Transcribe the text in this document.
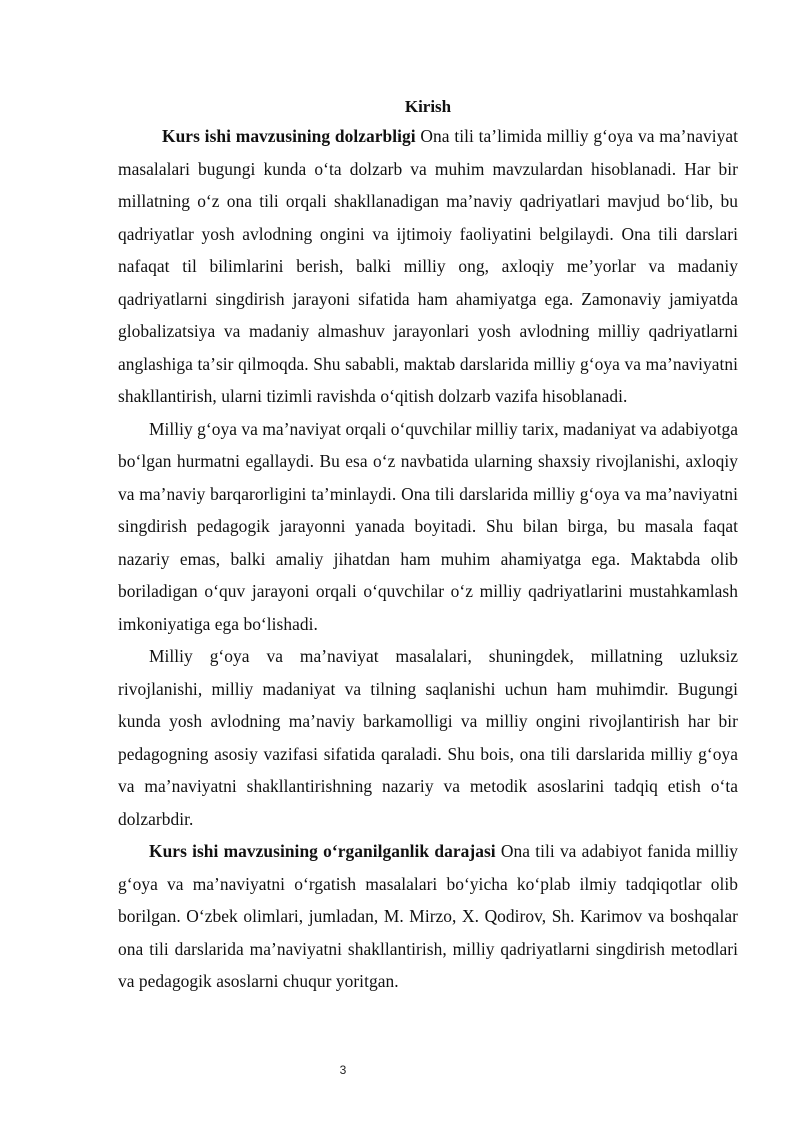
Kirish

Kurs ishi mavzusining dolzarbligi Ona tili taʼlimida milliy gʻoya va maʼnaviyat masalalari bugungi kunda oʻta dolzarb va muhim mavzulardan hisoblanadi. Har bir millatning oʻz ona tili orqali shakllanadigan maʼnaviy qadriyatlari mavjud boʻlib, bu qadriyatlar yosh avlodning ongini va ijtimoiy faoliyatini belgilaydi. Ona tili darslari nafaqat til bilimlarini berish, balki milliy ong, axloqiy meʼyorlar va madaniy qadriyatlarni singdirish jarayoni sifatida ham ahamiyatga ega. Zamonaviy jamiyatda globalizatsiya va madaniy almashuv jarayonlari yosh avlodning milliy qadriyatlarni anglashiga taʼsir qilmoqda. Shu sababli, maktab darslarida milliy gʻoya va maʼnaviyatni shakllantirish, ularni tizimli ravishda oʻqitish dolzarb vazifa hisoblanadi.

Milliy gʻoya va maʼnaviyat orqali oʻquvchilar milliy tarix, madaniyat va adabiyotga boʻlgan hurmatni egallaydi. Bu esa oʻz navbatida ularning shaxsiy rivojlanishi, axloqiy va maʼnaviy barqarorligini taʼminlaydi. Ona tili darslarida milliy gʻoya va maʼnaviyatni singdirish pedagogik jarayonni yanada boyitadi. Shu bilan birga, bu masala faqat nazariy emas, balki amaliy jihatdan ham muhim ahamiyatga ega. Maktabda olib boriladigan oʻquv jarayoni orqali oʻquvchilar oʻz milliy qadriyatlarini mustahkamlash imkoniyatiga ega boʻlishadi.

Milliy gʻoya va maʼnaviyat masalalari, shuningdek, millatning uzluksiz rivojlanishi, milliy madaniyat va tilning saqlanishi uchun ham muhimdir. Bugungi kunda yosh avlodning maʼnaviy barkamolligi va milliy ongini rivojlantirish har bir pedagogning asosiy vazifasi sifatida qaraladi. Shu bois, ona tili darslarida milliy gʻoya va maʼnaviyatni shakllantirishning nazariy va metodik asoslarini tadqiq etish oʻta dolzarbdir.

Kurs ishi mavzusining oʻrganilganlik darajasi Ona tili va adabiyot fanida milliy gʻoya va maʼnaviyatni oʻrgatish masalalari boʻyicha koʻplab ilmiy tadqiqotlar olib borilgan. Oʻzbek olimlari, jumladan, M. Mirzo, X. Qodirov, Sh. Karimov va boshqalar ona tili darslarida maʼnaviyatni shakllantirish, milliy qadriyatlarni singdirish metodlari va pedagogik asoslarni chuqur yoritgan.

3
